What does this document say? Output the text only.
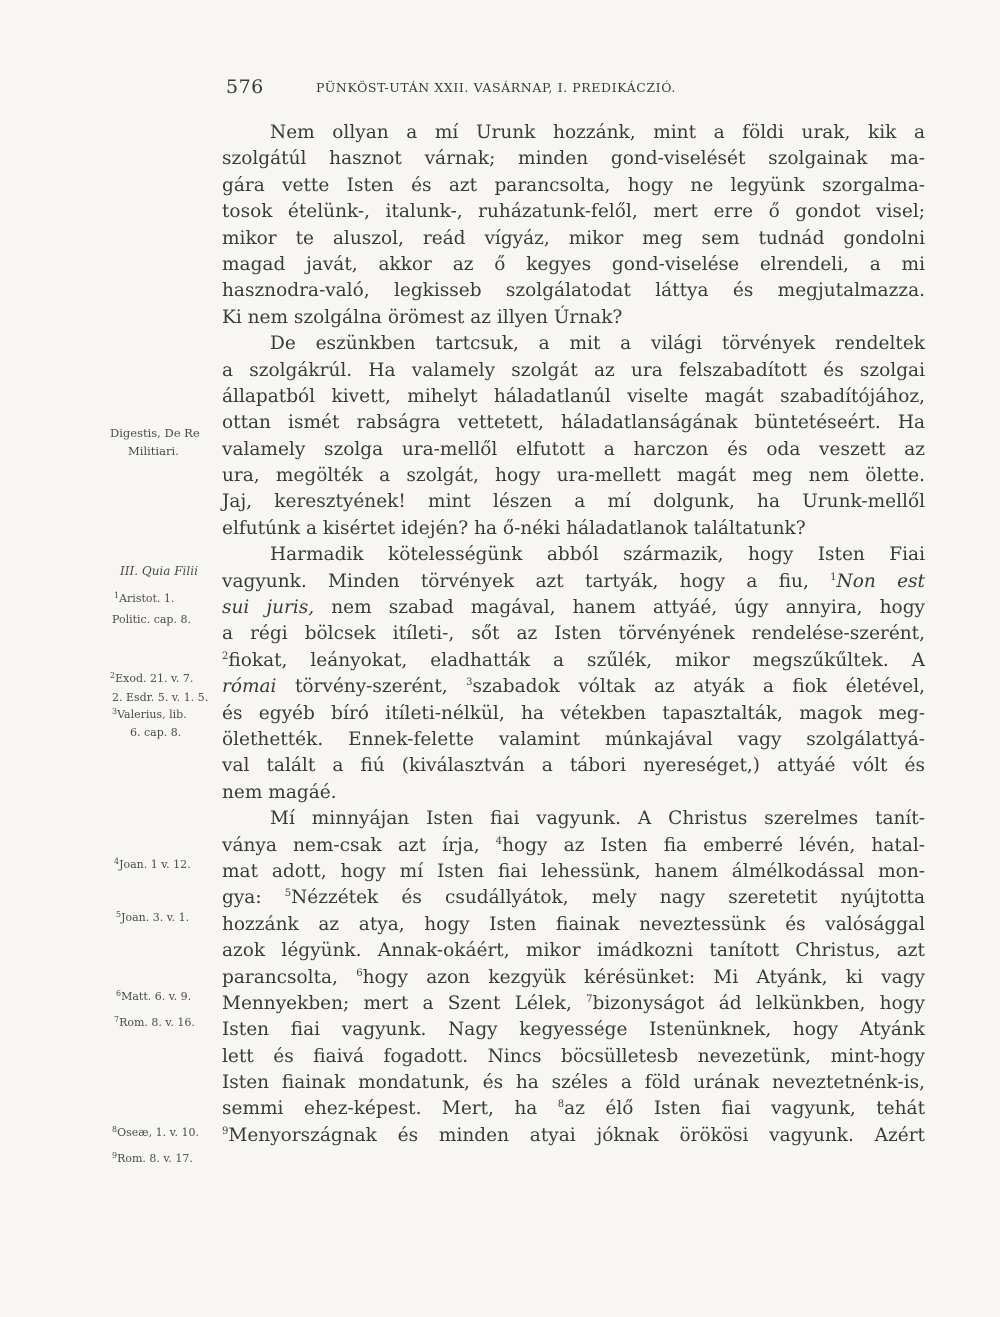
576	PÜNKÖST-UTÁN XXII. VASÁRNAP, I. PREDIKÁCZIÓ.
Nem ollyan a mí Urunk hozzánk, mint a földi urak, kik a
szolgátúl hasznot várnak; minden gond-viselését szolgainak ma-
gára vette Isten és azt parancsolta, hogy ne legyünk szorgalma-
tosok ételünk-, italunk-, ruházatunk-felől, mert erre ő gondot visel;
mikor te aluszol, reád vígyáz, mikor meg sem tudnád gondolni
magad javát, akkor az ő kegyes gond-viselése elrendeli, a mi
hasznodra-való, legkisseb szolgálatodat láttya és megjutalmazza.
Ki nem szolgálna örömest az illyen Úrnak?
De eszünkben tartcsuk, a mit a világi törvények rendeltek
a szolgákrúl. Ha valamely szolgát az ura felszabadított és szolgai
állapatból kivett, mihelyt háladatlanúl viselte magát szabadítójához,
ottan ismét rabságra vettetett, háladatlanságának büntetéseért. Ha
valamely szolga ura-mellől elfutott a harczon és oda veszett az
ura, megölték a szolgát, hogy ura-mellett magát meg nem ölette.
Jaj, keresztyének! mint lészen a mí dolgunk, ha Urunk-mellől
elfutúnk a kisértet idején? ha ő-néki háladatlanok találtatunk?
Harmadik kötelességünk abból származik, hogy Isten Fiai
vagyunk. Minden törvények azt tartyák, hogy a fiu, $^1$Non est
sui juris, nem szabad magával, hanem attyáé, úgy annyira, hogy
a régi bölcsek itíleti-, sőt az Isten törvényének rendelése-szerént,
$^2$fiokat, leányokat, eladhatták a szűlék, mikor megszűkűltek. A
római törvény-szerént, $^3$szabadok vóltak az atyák a fiok életével,
és egyéb bíró itíleti-nélkül, ha vétekben tapasztalták, magok meg-
ölethették. Ennek-felette valamint múnkajával vagy szolgálattyá-
val talált a fiú (kiválasztván a tábori nyereséget,) attyáé vólt és
nem magáé.
Mí minnyájan Isten fiai vagyunk. A Christus szerelmes tanít-
ványa nem-csak azt írja, $^4$hogy az Isten fia emberré lévén, hatal-
mat adott, hogy mí Isten fiai lehessünk, hanem álmélkodással mon-
gya: $^5$Nézzétek és csudállyátok, mely nagy szeretetit nyújtotta
hozzánk az atya, hogy Isten fiainak neveztessünk és valósággal
azok légyünk. Annak-okáért, mikor imádkozni tanított Christus, azt
parancsolta, $^6$hogy azon kezgyük kérésünket: Mi Atyánk, ki vagy
Mennyekben; mert a Szent Lélek, $^7$bizonyságot ád lelkünkben, hogy
Isten fiai vagyunk. Nagy kegyessége Istenünknek, hogy Atyánk
lett és fiaivá fogadott. Nincs böcsülletesb nevezetünk, mint-hogy
Isten fiainak mondatunk, és ha széles a föld urának neveztetnénk-is,
semmi ehez-képest. Mert, ha $^8$az élő Isten fiai vagyunk, tehát
$^9$Menyországnak és minden atyai jóknak örökösi vagyunk. Azért
Digestis, De Re
Militiari.
III. Quia Filii
$^1$Aristot. 1.
Politic. cap. 8.
$^2$Exod. 21. v. 7.
2. Esdr. 5. v. 1. 5.
$^3$Valerius, lib.
6. cap. 8.
$^4$Joan. 1 v. 12.
$^5$Joan. 3. v. 1.
$^6$Matt. 6. v. 9.
$^7$Rom. 8. v. 16.
$^8$Oseæ, 1. v. 10.
$^9$Rom. 8. v. 17.
